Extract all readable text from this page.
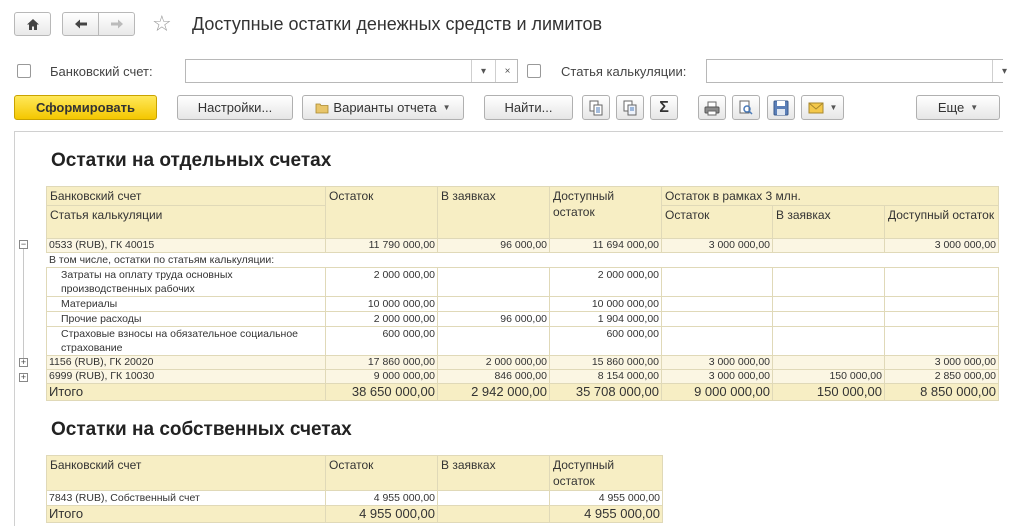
☆ Доступные остатки денежных средств и лимитов
Банковский счет:	▾ ×	Статья калькуляции:	▾
Сформировать	Настройки...	Варианты отчета ▼	Найти...	Σ	▼	Еще ▼
Остатки на отдельных счетах
Банковский счет	Остаток	В заявках	Доступный остаток	Остаток в рамках 3 млн.		
Статья калькуляции				Остаток	В заявках	Доступный остаток
0533 (RUB), ГК 40015	11 790 000,00	96 000,00	11 694 000,00	3 000 000,00		3 000 000,00
В том числе, остатки по статьям калькуляции:						
Затраты на оплату труда основных производственных рабочих	2 000 000,00		2 000 000,00			
Материалы	10 000 000,00		10 000 000,00			
Прочие расходы	2 000 000,00	96 000,00	1 904 000,00			
Страховые взносы на обязательное социальное страхование	600 000,00		600 000,00			
1156 (RUB), ГК 20020	17 860 000,00	2 000 000,00	15 860 000,00	3 000 000,00		3 000 000,00
6999 (RUB), ГК 10030	9 000 000,00	846 000,00	8 154 000,00	3 000 000,00	150 000,00	2 850 000,00
Итого	38 650 000,00	2 942 000,00	35 708 000,00	9 000 000,00	150 000,00	8 850 000,00
−
+
+
Остатки на собственных счетах
Банковский счет	Остаток	В заявках	Доступный остаток
7843 (RUB), Собственный счет	4 955 000,00		4 955 000,00
Итого	4 955 000,00		4 955 000,00
